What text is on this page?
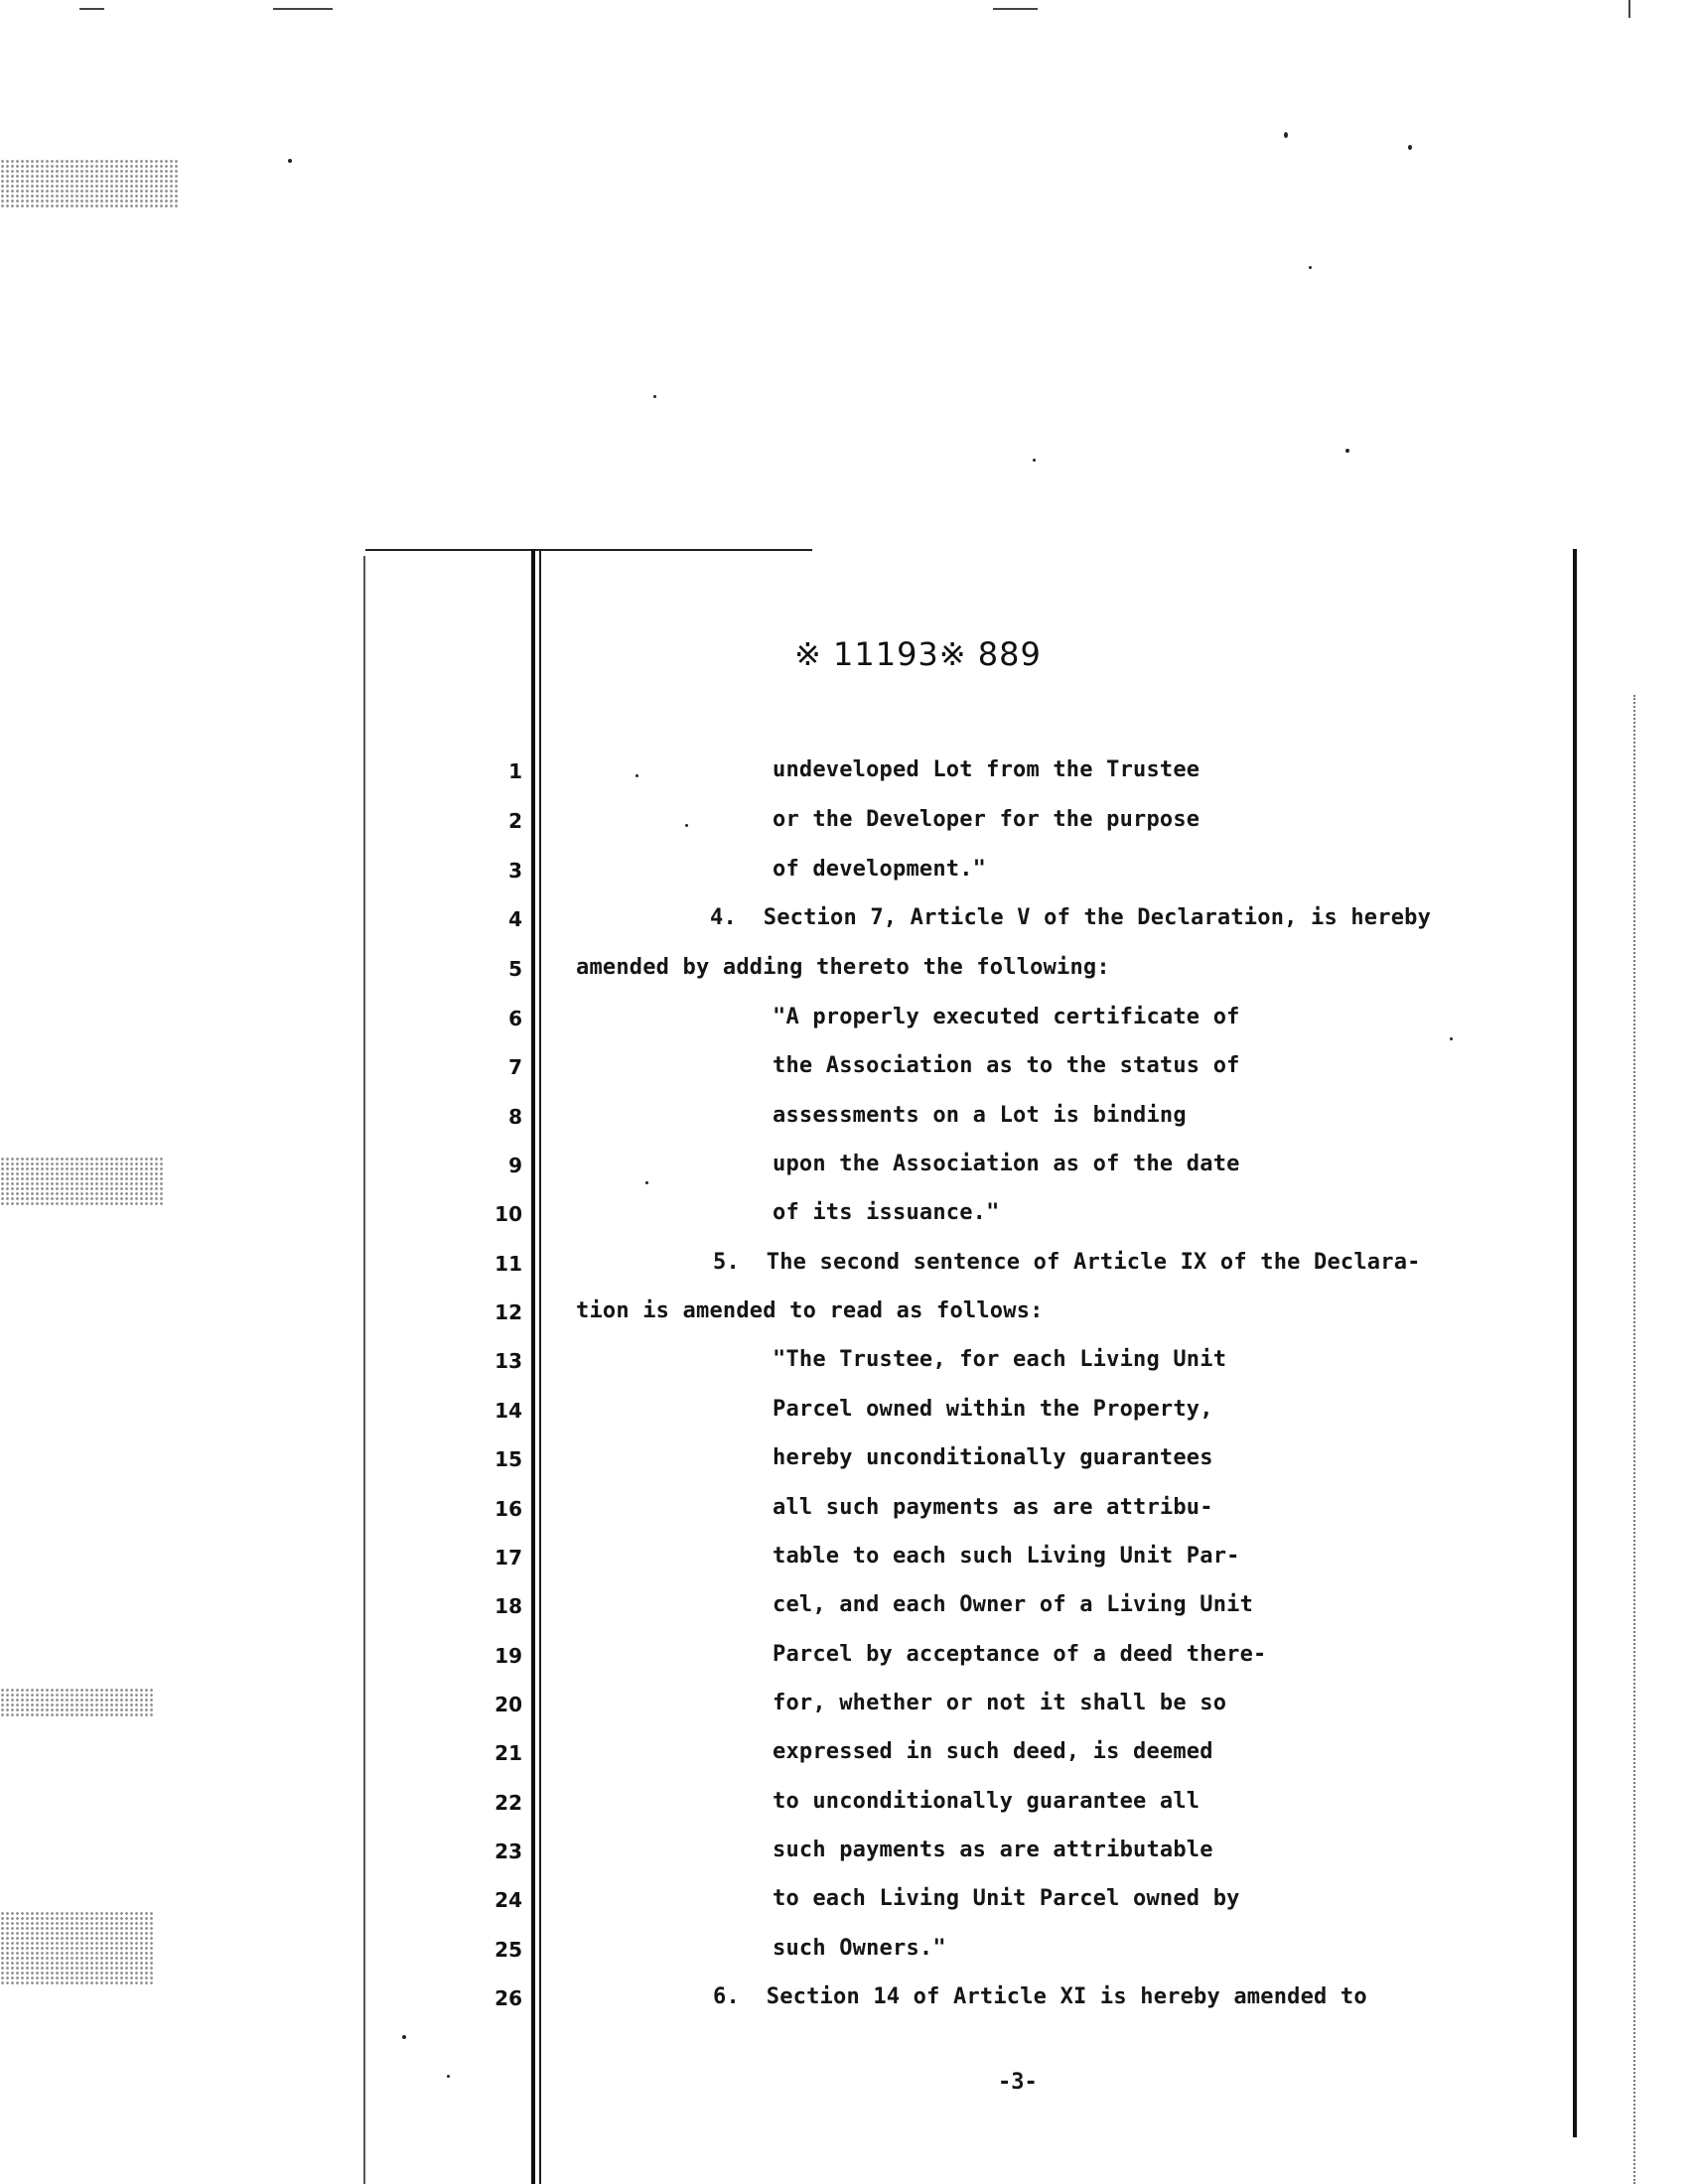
※ 11193※ 889
1
2
3
4
5
6
7
8
9
10
11
12
13
14
15
16
17
18
19
20
21
22
23
24
25
26
undeveloped Lot from the Trustee
or the Developer for the purpose
of development."
4.  Section 7, Article V of the Declaration, is hereby
amended by adding thereto the following:
"A properly executed certificate of
the Association as to the status of
assessments on a Lot is binding
upon the Association as of the date
of its issuance."
5.  The second sentence of Article IX of the Declara-
tion is amended to read as follows:
"The Trustee, for each Living Unit
Parcel owned within the Property,
hereby unconditionally guarantees
all such payments as are attribu-
table to each such Living Unit Par-
cel, and each Owner of a Living Unit
Parcel by acceptance of a deed there-
for, whether or not it shall be so
expressed in such deed, is deemed
to unconditionally guarantee all
such payments as are attributable
to each Living Unit Parcel owned by
such Owners."
6.  Section 14 of Article XI is hereby amended to
-3-
